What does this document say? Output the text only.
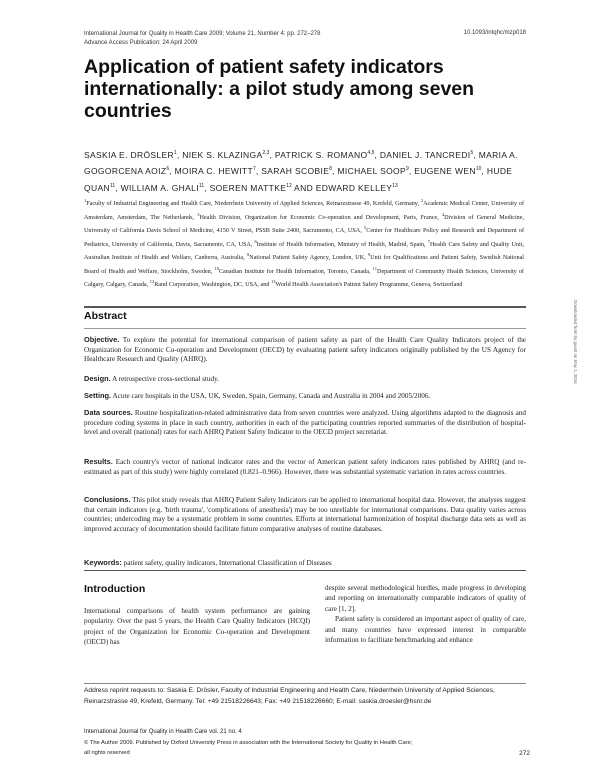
International Journal for Quality in Health Care 2009; Volume 21, Number 4: pp. 272–278
Advance Access Publication: 24 April 2009
10.1093/intqhc/mzp018
Application of patient safety indicators internationally: a pilot study among seven countries
SASKIA E. DRÖSLER$^1$, NIEK S. KLAZINGA$^{2,3}$, PATRICK S. ROMANO$^{4,5}$, DANIEL J. TANCREDI$^5$, MARIA A. GOGORCENA AOIZ$^6$, MOIRA C. HEWITT$^7$, SARAH SCOBIE$^8$, MICHAEL SOOP$^9$, EUGENE WEN$^{10}$, HUDE QUAN$^{11}$, WILLIAM A. GHALI$^{11}$, SOEREN MATTKE$^{12}$ AND EDWARD KELLEY$^{13}$
$^1$Faculty of Industrial Engineering and Health Care, Niederrhein University of Applied Sciences, Reinarzstrasse 49, Krefeld, Germany, $^2$Academic Medical Center, University of Amsterdam, Amsterdam, The Netherlands, $^3$Health Division, Organization for Economic Co-operation and Development, Paris, France, $^4$Division of General Medicine, University of California Davis School of Medicine, 4150 V Street, PSSB Suite 2400, Sacramento, CA, USA, $^5$Center for Healthcare Policy and Research and Department of Pediatrics, University of California, Davis, Sacramento, CA, USA, $^6$Institute of Health Information, Ministry of Health, Madrid, Spain, $^7$Health Care Safety and Quality Unit, Australian Institute of Health and Welfare, Canberra, Australia, $^8$National Patient Safety Agency, London, UK, $^9$Unit for Qualifications and Patient Safety, Swedish National Board of Health and Welfare, Stockholm, Sweden, $^{10}$Canadian Institute for Health Information, Toronto, Canada, $^{11}$Department of Community Health Sciences, University of Calgary, Calgary, Canada, $^{12}$Rand Corporation, Washington, DC, USA, and $^{13}$World Health Association's Patient Safety Programme, Geneva, Switzerland
Abstract
Objective. To explore the potential for international comparison of patient safety as part of the Health Care Quality Indicators project of the Organization for Economic Co-operation and Development (OECD) by evaluating patient safety indicators originally published by the US Agency for Healthcare Research and Quality (AHRQ).
Design. A retrospective cross-sectional study.
Setting. Acute care hospitals in the USA, UK, Sweden, Spain, Germany, Canada and Australia in 2004 and 2005/2006.
Data sources. Routine hospitalization-related administrative data from seven countries were analyzed. Using algorithms adapted to the diagnosis and procedure coding systems in place in each country, authorities in each of the participating countries reported summaries of the distribution of hospital-level and overall (national) rates for each AHRQ Patient Safety Indicator to the OECD project secretariat.
Results. Each country's vector of national indicator rates and the vector of American patient safety indicators rates published by AHRQ (and re-estimated as part of this study) were highly correlated (0.821–0.966). However, there was substantial systematic variation in rates across countries.
Conclusions. This pilot study reveals that AHRQ Patient Safety Indicators can be applied to international hospital data. However, the analyses suggest that certain indicators (e.g. 'birth trauma', 'complications of anesthesia') may be too unreliable for international comparisons. Data quality varies across countries; undercoding may be a systematic problem in some countries. Efforts at international harmonization of hospital discharge data sets as well as improved accuracy of documentation should facilitate future comparative analyses of routine databases.
Keywords: patient safety, quality indicators, International Classification of Diseases
Downloaded from by guest on May 1, 2016
Introduction
International comparisons of health system performance are gaining popularity. Over the past 5 years, the Health Care Quality Indicators (HCQI) project of the Organization for Economic Co-operation and Development (OECD) has
despite several methodological hurdles, made progress in developing and reporting on internationally comparable indicators of quality of care [1, 2].
Patient safety is considered an important aspect of quality of care, and many countries have expressed interest in comparable information to facilitate benchmarking and enhance
Address reprint requests to: Saskia E. Drösler, Faculty of Industrial Engineering and Health Care, Niederrhein University of Applied Sciences, Reinarzstrasse 49, Krefeld, Germany. Tel: +49 21518226643; Fax: +49 21518226660; E-mail: saskia.droesler@hsnr.de
International Journal for Quality in Health Care vol. 21 no. 4
© The Author 2009. Published by Oxford University Press in association with the International Society for Quality in Health Care;
all rights reserved	272
